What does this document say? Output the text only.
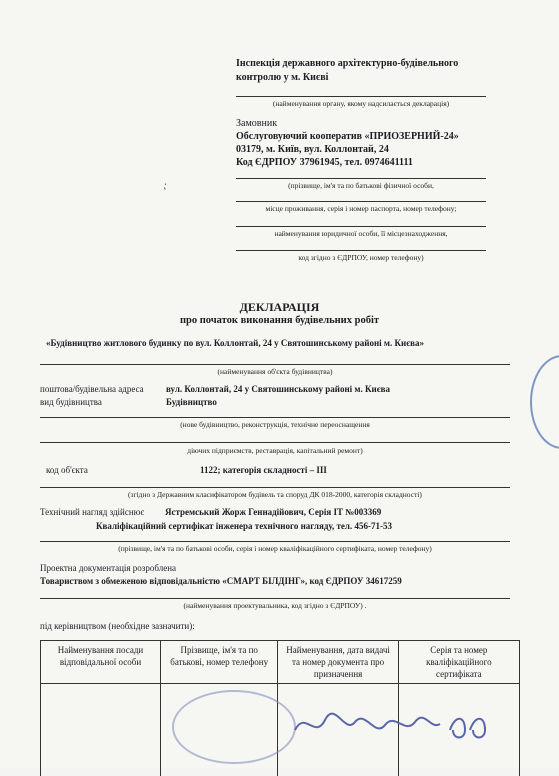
Інспекція державного архітектурно-будівельного
контролю у м. Києві
(найменування органу, якому надсилається декларація)
Замовник
Обслуговуючий кооператив «ПРИОЗЕРНИЙ-24»
03179, м. Київ, вул. Коллонтай, 24
Код ЄДРПОУ 37961945, тел. 0974641111
(прізвище, ім'я та по батькові фізичної особи,
місце проживання, серія і номер паспорта, номер телефону;
найменування юридичної особи, її місцезнаходження,
код згідно з ЄДРПОУ, номер телефону)
,·
ДЕКЛАРАЦІЯ
про початок виконання будівельних робіт
«Будівництво житлового будинку по вул. Коллонтай, 24 у Святошинському районі м. Києва»
(найменування об'єкта будівництва)
поштова/будівельна адреса вул. Коллонтай, 24 у Святошинському районі м. Києва
вид будівництва	Будівництво
(нове будівництво, реконструкція, технічне переоснащення
діючих підприємств, реставрація, капітальний ремонт)
код об'єкта	1122; категорія складності – ІІІ
(згідно з Державним класифікатором будівель та споруд ДК 018-2000, категорія складності)
Технічний нагляд здійснює Ястремський Жорж Геннадійович, Серія ІТ №003369
Кваліфікаційний сертифікат інженера технічного нагляду, тел. 456-71-53
(прізвище, ім'я та по батькові особи, серія і номер кваліфікаційного сертифіката, номер телефону)
Проектна документація розроблена
Товариством з обмеженою відповідальністю «СМАРТ БІЛДІНГ», код ЄДРПОУ 34617259
(найменування проектувальника, код згідно з ЄДРПОУ) .
під керівництвом (необхідне зазначити):
Найменування посади відповідальної особи	Прізвище, ім'я та по батькові, номер телефону	Найменування, дата видачі та номер документа про призначення	Серія та номер кваліфікаційного сертифіката
